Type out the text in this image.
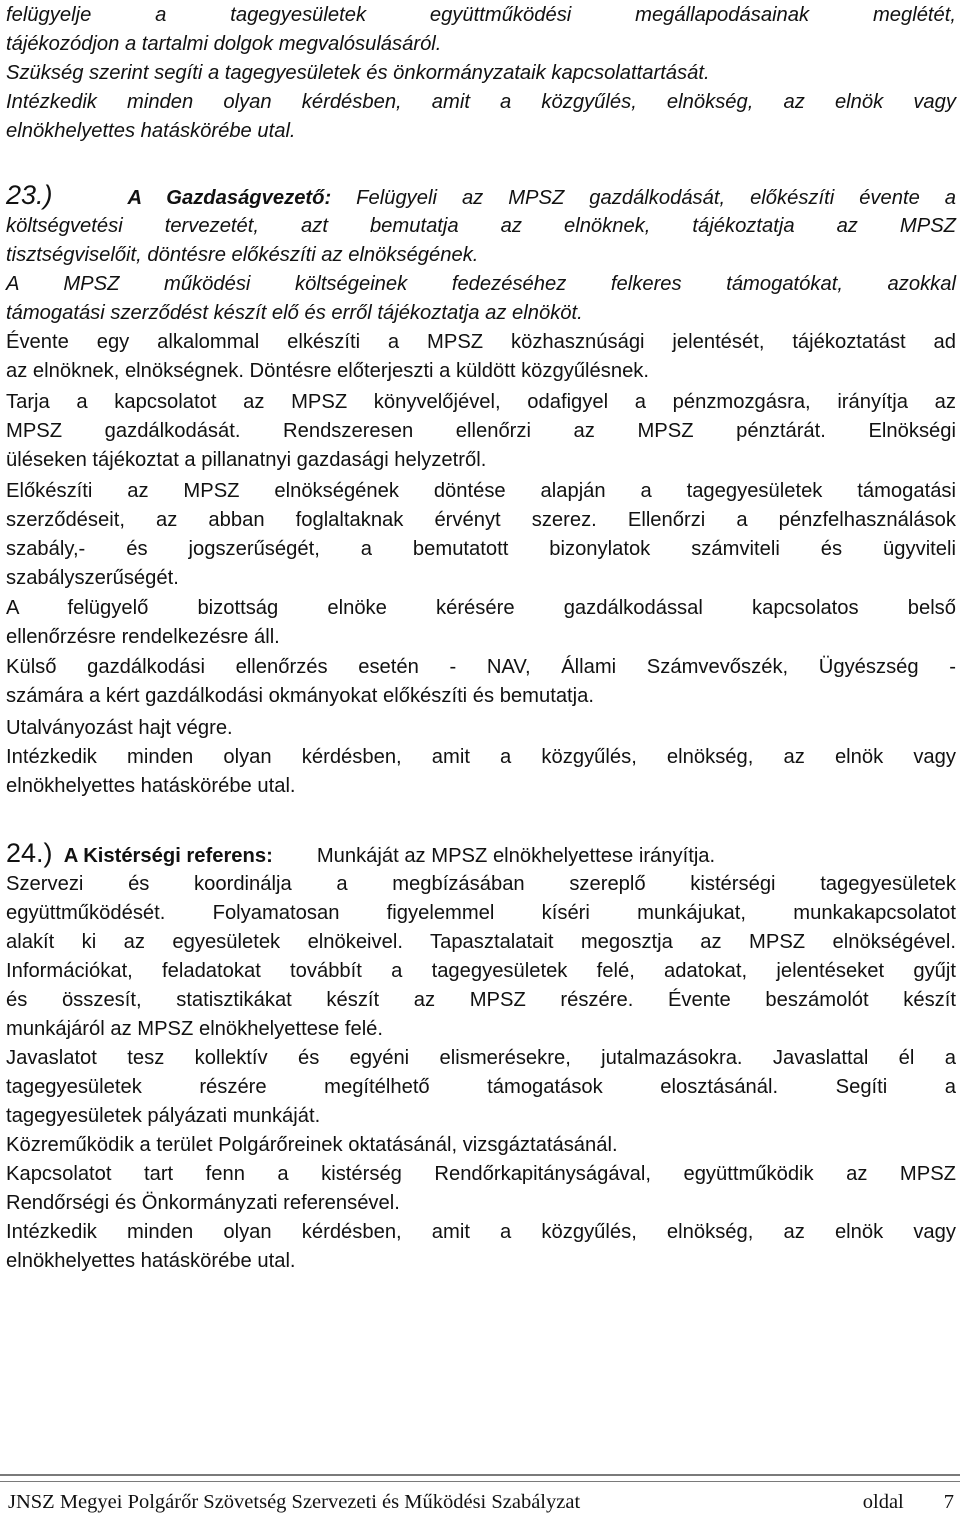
felügyelje a tagegyesületek együttműködési megállapodásainak meglétét,
tájékozódjon a tartalmi dolgok megvalósulásáról.
Szükség szerint segíti a tagegyesületek és önkormányzataik kapcsolattartását.
Intézkedik minden olyan kérdésben, amit a közgyűlés, elnökség, az elnök vagy
elnökhelyettes hatáskörébe utal.
23.)	A Gazdaságvezető: Felügyeli az MPSZ gazdálkodását, előkészíti évente a
költségvetési tervezetét, azt bemutatja az elnöknek, tájékoztatja az MPSZ
tisztségviselőit, döntésre előkészíti az elnökségének.
A MPSZ működési költségeinek fedezéséhez felkeres támogatókat, azokkal
támogatási szerződést készít elő és erről tájékoztatja az elnököt.
Évente egy alkalommal elkészíti a MPSZ közhasznúsági jelentését, tájékoztatást ad
az elnöknek, elnökségnek. Döntésre előterjeszti a küldött közgyűlésnek.
Tarja a kapcsolatot az MPSZ könyvelőjével, odafigyel a pénzmozgásra, irányítja az
MPSZ gazdálkodását. Rendszeresen ellenőrzi az MPSZ pénztárát. Elnökségi
üléseken tájékoztat a pillanatnyi gazdasági helyzetről.
Előkészíti az MPSZ elnökségének döntése alapján a tagegyesületek támogatási
szerződéseit, az abban foglaltaknak érvényt szerez. Ellenőrzi a pénzfelhasználások
szabály,- és jogszerűségét, a bemutatott bizonylatok számviteli és ügyviteli
szabályszerűségét.
A felügyelő bizottság elnöke kérésére gazdálkodással kapcsolatos belső
ellenőrzésre rendelkezésre áll.
Külső gazdálkodási ellenőrzés esetén - NAV, Állami Számvevőszék, Ügyészség -
számára a kért gazdálkodási okmányokat előkészíti és bemutatja.
Utalványozást hajt végre.
Intézkedik minden olyan kérdésben, amit a közgyűlés, elnökség, az elnök vagy
elnökhelyettes hatáskörébe utal.
24.) A Kistérségi referens: Munkáját az MPSZ elnökhelyettese irányítja.
Szervezi és koordinálja a megbízásában szereplő kistérségi tagegyesületek
együttműködését. Folyamatosan figyelemmel kíséri munkájukat, munkakapcsolatot
alakít ki az egyesületek elnökeivel. Tapasztalatait megosztja az MPSZ elnökségével.
Információkat, feladatokat továbbít a tagegyesületek felé, adatokat, jelentéseket gyűjt
és összesít, statisztikákat készít az MPSZ részére. Évente beszámolót készít
munkájáról az MPSZ elnökhelyettese felé.
Javaslatot tesz kollektív és egyéni elismerésekre, jutalmazásokra. Javaslattal él a
tagegyesületek részére megítélhető támogatások elosztásánál. Segíti a
tagegyesületek pályázati munkáját.
Közreműködik a terület Polgárőreinek oktatásánál, vizsgáztatásánál.
Kapcsolatot tart fenn a kistérség Rendőrkapitányságával, együttműködik az MPSZ
Rendőrségi és Önkormányzati referensével.
Intézkedik minden olyan kérdésben, amit a közgyűlés, elnökség, az elnök vagy
elnökhelyettes hatáskörébe utal.
JNSZ Megyei Polgárőr Szövetség Szervezeti és Működési Szabályzat	oldal 7
